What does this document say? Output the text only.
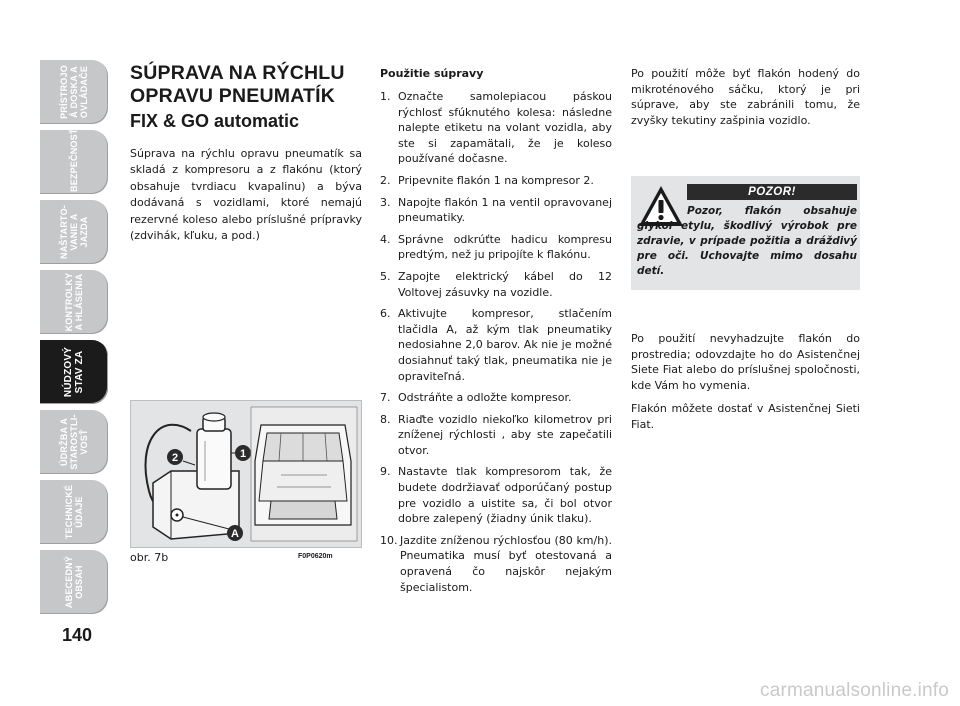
PRÍSTROJO
Á DOSKA A
OVLÁDAČE
BEZPEČNOSŤ
NAŠTARTO-
VANIE A
JAZDA
KONTROLKY
A HLÁSENIA
NÚDZOVÝ
STAV ZA
ÚDRŽBA A
STAROSTLI-
VOSŤ
TECHNICKÉ
ÚDAJE
ABECEDNÝ
OBSAH
140
SÚPRAVA NA RÝCHLU
OPRAVU PNEUMATÍK
FIX & GO automatic

Súprava na rýchlu opravu pneumatík sa skladá z kompresoru a z flakónu (ktorý obsahuje tvrdiacu kvapalinu) a býva dodávaná s vozidlami, ktoré nemajú rezervné koleso alebo príslušné prípravky (zdvihák, kľuku, a pod.)

2	1
A
obr. 7b	F0P0620m
Použitie súpravy
1. Označte samolepiacou páskou rýchlosť sfúknutého kolesa: následne nalepte etiketu na volant vozidla, aby ste si zapamätali, že je koleso používané dočasne.
2. Pripevnite flakón 1 na kompresor 2.
3. Napojte flakón 1 na ventil opravovanej pneumatiky.
4. Správne odkrúťte hadicu kompresu predtým, než ju pripojíte k flakónu.
5. Zapojte elektrický kábel do 12 Voltovej zásuvky na vozidle.
6. Aktivujte kompresor, stlačením tlačidla A, až kým tlak pneumatiky nedosiahne 2,0 barov. Ak nie je možné dosiahnuť taký tlak, pneumatika nie je opraviteľná.
7. Odstráňte a odložte kompresor.
8. Riaďte vozidlo niekoľko kilometrov pri zníženej rýchlosti , aby ste zapečatili otvor.
9. Nastavte tlak kompresorom tak, že budete dodržiavať odporúčaný postup pre vozidlo a uistite sa, či bol otvor dobre zalepený (žiadny únik tlaku).
10. Jazdite zníženou rýchlosťou (80 km/h). Pneumatika musí byť otestovaná a opravená čo najskôr nejakým špecialistom.

Po použití môže byť flakón hodený do mikroténového sáčku, ktorý je pri súprave, aby ste zabránili tomu, že zvyšky tekutiny zašpinia vozidlo.

POZOR!
Pozor, flakón obsahuje glykol etylu, škodlivý výrobok pre zdravie, v prípade požitia a dráždivý pre oči. Uchovajte mimo dosahu detí.

Po použití nevyhadzujte flakón do prostredia; odovzdajte ho do Asistenčnej Siete Fiat alebo do príslušnej spoločnosti, kde Vám ho vymenia.

Flakón môžete dostať v Asistenčnej Sieti Fiat.

carmanualsonline.info
